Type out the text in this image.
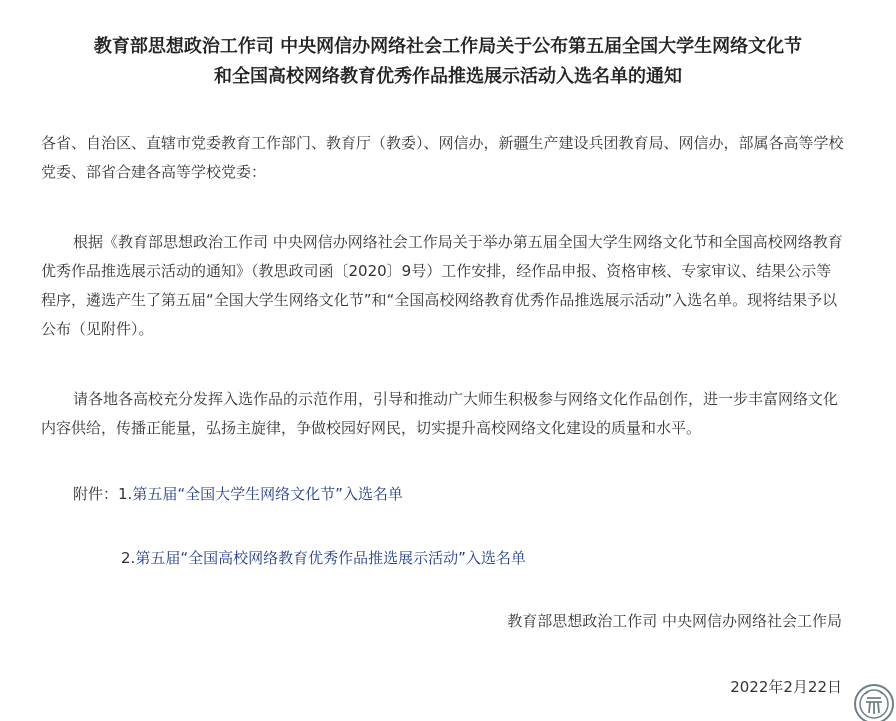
教育部思想政治工作司 中央网信办网络社会工作局关于公布第五届全国大学生网络文化节
和全国高校网络教育优秀作品推选展示活动入选名单的通知

各省、自治区、直辖市党委教育工作部门、教育厅（教委）、网信办，新疆生产建设兵团教育局、网信办，部属各高等学校党委、部省合建各高等学校党委：

根据《教育部思想政治工作司 中央网信办网络社会工作局关于举办第五届全国大学生网络文化节和全国高校网络教育优秀作品推选展示活动的通知》（教思政司函〔2020〕9号）工作安排，经作品申报、资格审核、专家审议、结果公示等程序，遴选产生了第五届“全国大学生网络文化节”和“全国高校网络教育优秀作品推选展示活动”入选名单。现将结果予以公布（见附件）。

请各地各高校充分发挥入选作品的示范作用，引导和推动广大师生积极参与网络文化作品创作，进一步丰富网络文化内容供给，传播正能量，弘扬主旋律，争做校园好网民，切实提升高校网络文化建设的质量和水平。

附件：1.第五届“全国大学生网络文化节”入选名单
2.第五届“全国高校网络教育优秀作品推选展示活动”入选名单
教育部思想政治工作司 中央网信办网络社会工作局
2022年2月22日
